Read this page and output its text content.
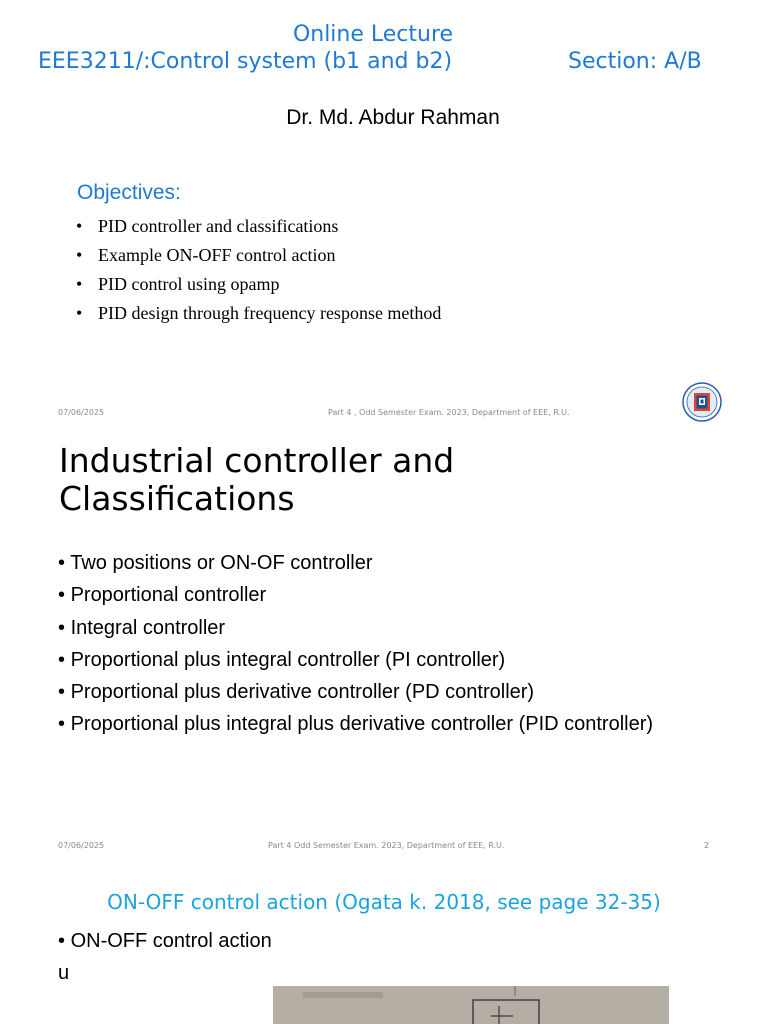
Online Lecture
EEE3211/:Control system (b1 and b2)	Section: A/B
Dr. Md. Abdur Rahman
Objectives:
• PID controller and classifications
• Example ON-OFF control action
• PID control using opamp
• PID design through frequency response method
07/06/2025	Part 4 , Odd Semester Exam. 2023, Department of EEE, R.U.
Industrial controller and Classifications
• Two positions or ON-OF controller
• Proportional controller
• Integral controller
• Proportional plus integral controller (PI controller)
• Proportional plus derivative controller (PD controller)
• Proportional plus integral plus derivative controller (PID controller)
07/06/2025	Part 4 Odd Semester Exam. 2023, Department of EEE, R.U.	2
ON-OFF control action (Ogata k. 2018, see page 32-35)
• ON-OFF control action
u
